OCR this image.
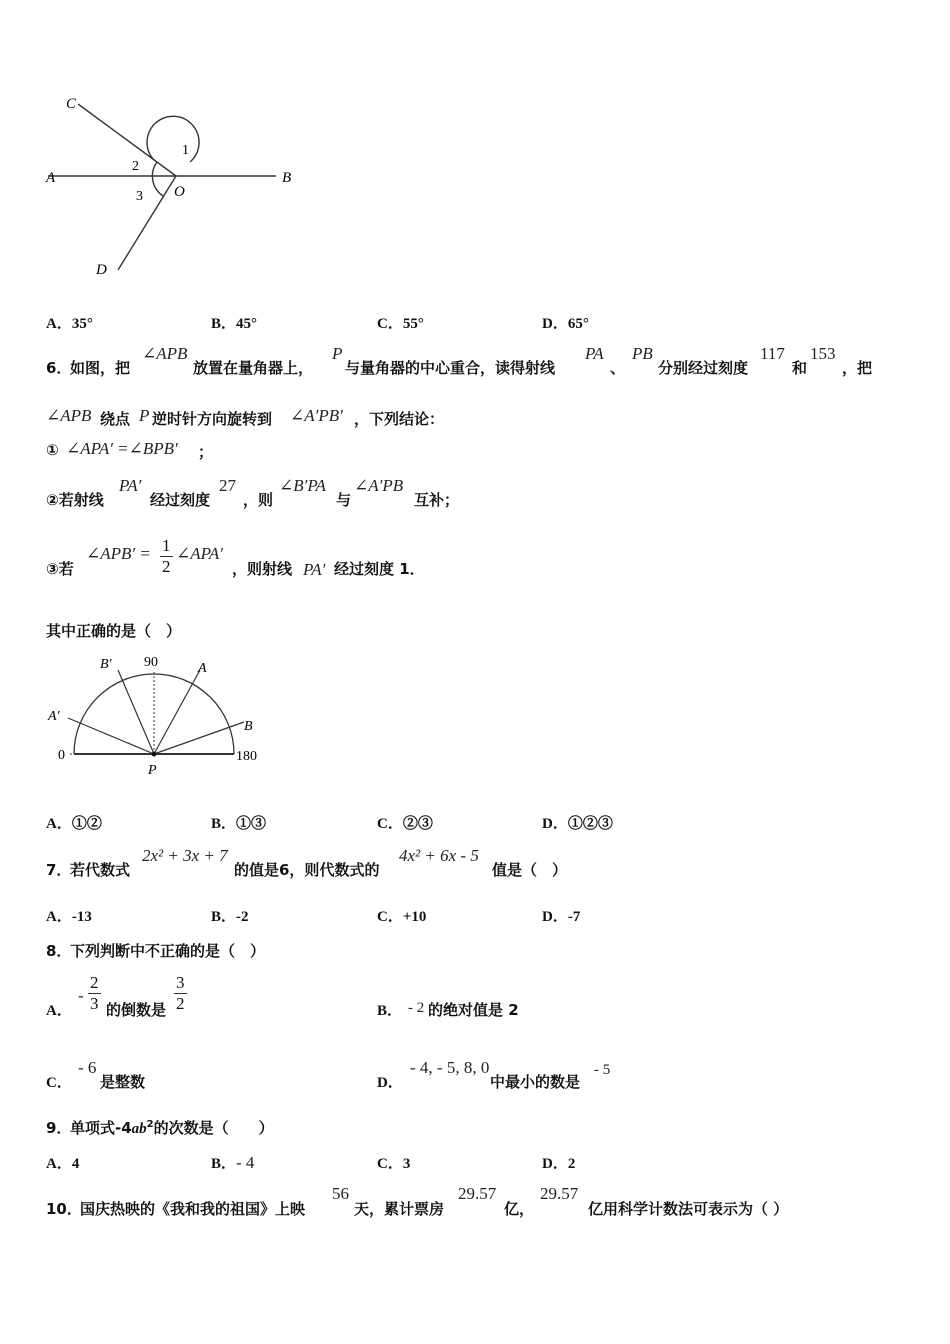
C
A	B
O
D
1
2
3
A．35°	B．45°	C．55°	D．65°
6．
如图，把
∠APB
放置在量角器上，
P
与量角器的中心重合，读得射线
PA
、
PB
分别经过刻度
117
和
153
，把
∠APB 绕点 P 逆时针方向旋转到 ∠A′PB′ ，下列结论：
① ∠APA′ =∠BPB′ ；
②若射线
PA′
经过刻度
27
，则
∠B′PA
与
∠A′PB
互补；
③若
∠APB′ = $\frac{1}{2}$ ∠APA′
，则射线 PA′ 经过刻度 1．
其中正确的是（　）
B′ 90	A
A′
B
0
P
180
A．①②	B．①③	C．②③	D．①②③
7．
若代数式
2x² + 3x + 7
的值是6，则代数式的
4x² + 6x - 5
值是（　）
A．-13	B．-2	C．+10	D．-7
8．
下列判断中不正确的是（　）
A．
- $\frac{2}{3}$ 的倒数是 $\frac{3}{2}$	B． - 2 的绝对值是 2
C．
- 6
是整数	D．
- 4, - 5, 8, 0
中最小的数是
- 5
9．
单项式$-4ab^2$的次数是（　　）
A．4	B．- 4	C．3	D．2
10．
国庆热映的《我和我的祖国》上映
56
天，累计票房
29.57
亿，
29.57
亿用科学计数法可表示为（ ）
